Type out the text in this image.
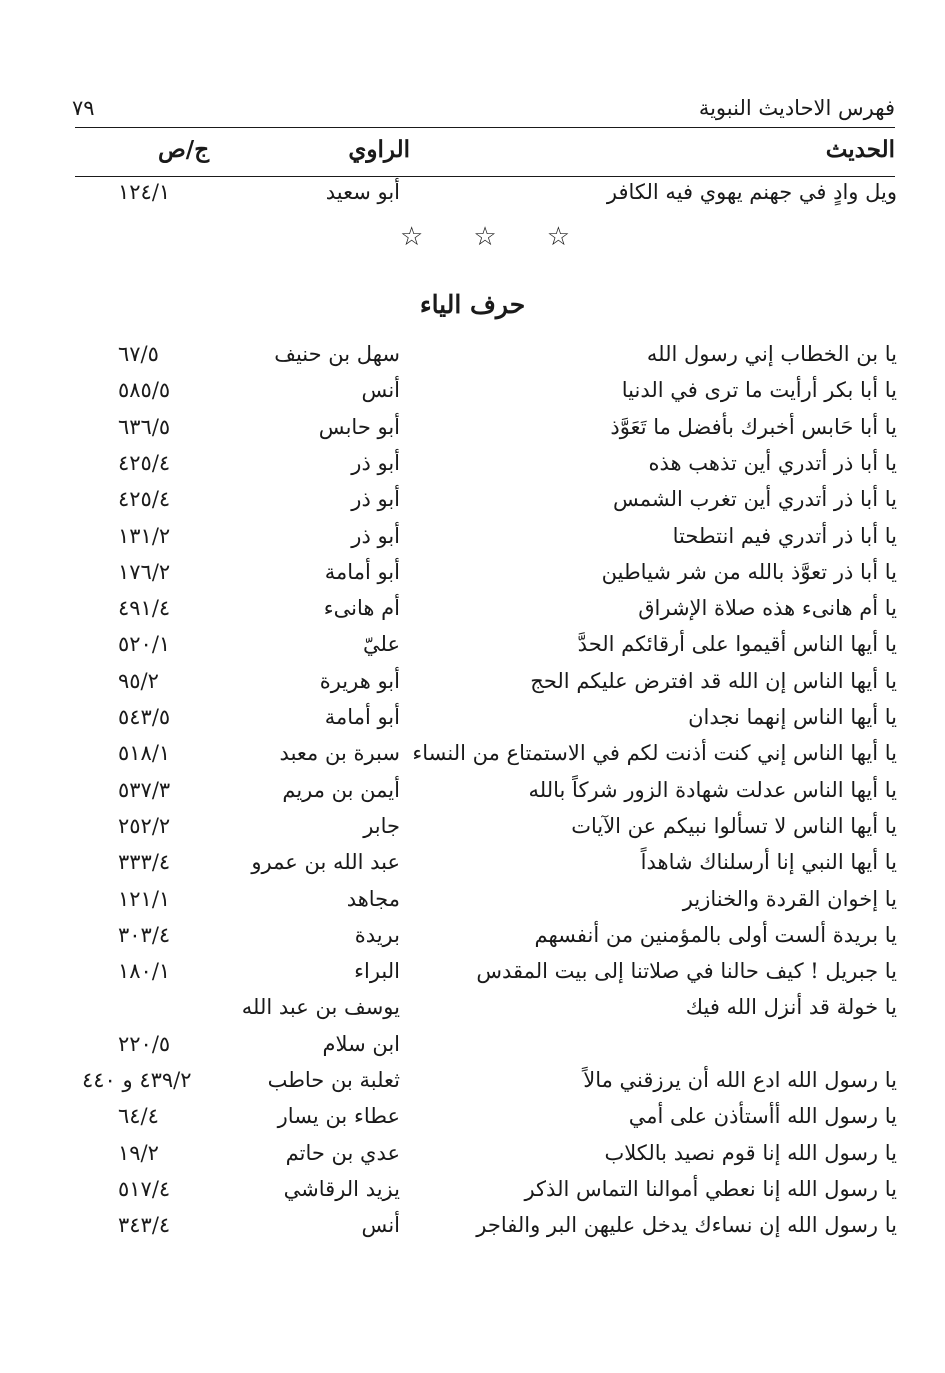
فهرس الاحاديث النبوية
٧٩
الحديث
الراوي
ج/ص
ويل وادٍ في جهنم يهوي فيه الكافر
أبو سعيد
١٢٤/١
☆
☆
☆
حرف الياء
يا بن الخطاب إني رسول الله
سهل بن حنيف
٦٧/٥
يا أبا بكر أرأيت ما ترى في الدنيا
أنس
٥٨٥/٥
يا أبا حَابس أخبرك بأفضل ما تَعَوَّذ
أبو حابس
٦٣٦/٥
يا أبا ذر أتدري أين تذهب هذه
أبو ذر
٤٢٥/٤
يا أبا ذر أتدري أين تغرب الشمس
أبو ذر
٤٢٥/٤
يا أبا ذر أتدري فيم انتطحتا
أبو ذر
١٣١/٢
يا أبا ذر تعوَّذ بالله من شر شياطين
أبو أمامة
١٧٦/٢
يا أم هانىء هذه صلاة الإشراق
أم هانىء
٤٩١/٤
يا أيها الناس أقيموا على أرقائكم الحدَّ
عليّ
٥٢٠/١
يا أيها الناس إن الله قد افترض عليكم الحج
أبو هريرة
٩٥/٢
يا أيها الناس إنهما نجدان
أبو أمامة
٥٤٣/٥
يا أيها الناس إني كنت أذنت لكم في الاستمتاع من النساء
سبرة بن معبد
٥١٨/١
يا أيها الناس عدلت شهادة الزور شركاً بالله
أيمن بن مريم
٥٣٧/٣
يا أيها الناس لا تسألوا نبيكم عن الآيات
جابر
٢٥٢/٢
يا أيها النبي إنا أرسلناك شاهداً
عبد الله بن عمرو
٣٣٣/٤
يا إخوان القردة والخنازير
مجاهد
١٢١/١
يا بريدة ألست أولى بالمؤمنين من أنفسهم
بريدة
٣٠٣/٤
يا جبريل ! كيف حالنا في صلاتنا إلى بيت المقدس
البراء
١٨٠/١
يا خولة قد أنزل الله فيك
يوسف بن عبد الله
ابن سلام
٢٢٠/٥
يا رسول الله ادع الله أن يرزقني مالاً
ثعلبة بن حاطب
٤٣٩/٢ و ٤٤٠
يا رسول الله أأستأذن على أمي
عطاء بن يسار
٦٤/٤
يا رسول الله إنا قوم نصيد بالكلاب
عدي بن حاتم
١٩/٢
يا رسول الله إنا نعطي أموالنا التماس الذكر
يزيد الرقاشي
٥١٧/٤
يا رسول الله إن نساءك يدخل عليهن البر والفاجر
أنس
٣٤٣/٤
